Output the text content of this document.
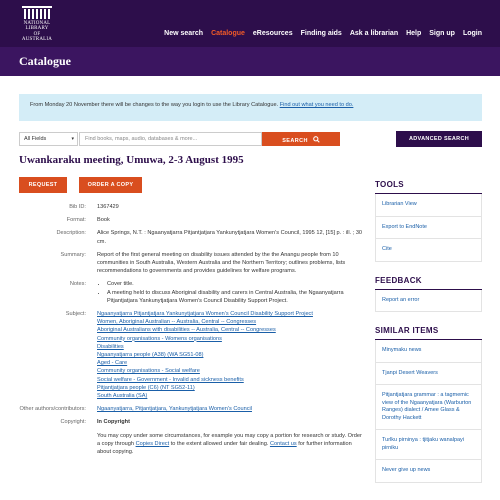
NATIONAL
LIBRARY
OF AUSTRALIA
New search Catalogue eResources Finding aids Ask a librarian Help Sign up Login
Catalogue
From Monday 20 November there will be changes to the way you login to use the Library Catalogue. Find out what you need to do.
All Fields	▾	Find books, maps, audio, databases & more...	SEARCH	ADVANCED SEARCH
Uwankaraku meeting, Umuwa, 2-3 August 1995
REQUEST	ORDER A COPY
Bib ID:	1367429
Format:	Book
Description:	Alice Springs, N.T. : Ngaanyatjarra Pitjantjatjara Yankunytjatjara Women's Council, 1995 12, [15] p. : ill. ; 30 cm.
Summary:	Report of the first general meeting on disability issues attended by the the Anangu people from 10 communities in South Australia, Western Australia and the Northern Territory; outlines problems, lists recommendations to governments and provides guidelines for welfare programs.
Notes:
•	Cover title.
• A meeting held to discuss Aboriginal disability and carers in Central Australia, the Ngaanyatjarra Pitjantjatjara Yankunytjatjara Women's Council Disability Support Project.
Subject:	Ngaanyatjarra Pitjantjatjara Yankunytjatjara Women's Council Disability Support Project
Women, Aboriginal Australian -- Australia, Central -- Congresses
Aboriginal Australians with disabilities -- Australia, Central -- Congresses
Community organisations - Womens organisations
Disabilities
Ngaanyatjarra people (A38) (WA SG51-08)
Aged - Care
Community organisations - Social welfare
Social welfare - Government - Invalid and sickness benefits
Pitjantjatjara people (C6) (NT SG52-11)
South Australia (SA)
Other authors/contributors:	Ngaanyatjarra, Pitjantjatjara, Yankunytjatjara Women's Council
Copyright:	In Copyright
You may copy under some circumstances, for example you may copy a portion for research or study. Order a copy through Copies Direct to the extent allowed under fair dealing. Contact us for further information about copying.
TOOLS
Librarian View
Export to EndNote
Cite
FEEDBACK
Report an error
SIMILAR ITEMS
Minymaku news
Tjanpi Desert Weavers
Pitjantjatjara grammar : a tagmemic view of the Ngaanyatjara (Warburton Ranges) dialect / Amee Glass & Dorothy Hackett
Turlku pirninya : tjitjaku wanalpayi pirniku
Never give up news
